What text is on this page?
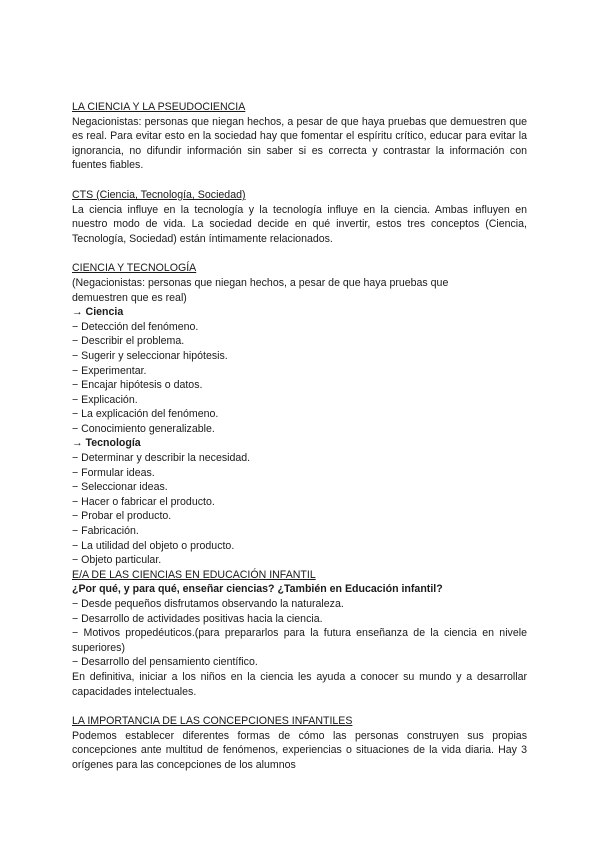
LA CIENCIA Y LA PSEUDOCIENCIA

Negacionistas: personas que niegan hechos, a pesar de que haya pruebas que demuestren que es real. Para evitar esto en la sociedad hay que fomentar el espíritu crítico, educar para evitar la ignorancia, no difundir información sin saber si es correcta y contrastar la información con fuentes fiables.

CTS (Ciencia, Tecnología, Sociedad)

La ciencia influye en la tecnología y la tecnología influye en la ciencia. Ambas influyen en nuestro modo de vida. La sociedad decide en qué invertir, estos tres conceptos (Ciencia, Tecnología, Sociedad) están íntimamente relacionados.

CIENCIA Y TECNOLOGÍA
(Negacionistas: personas que niegan hechos, a pesar de que haya pruebas que
demuestren que es real)
→ Ciencia
− Detección del fenómeno.
− Describir el problema.
− Sugerir y seleccionar hipótesis.
− Experimentar.
− Encajar hipótesis o datos.
− Explicación.
− La explicación del fenómeno.
− Conocimiento generalizable.
→ Tecnología
− Determinar y describir la necesidad.
− Formular ideas.
− Seleccionar ideas.
− Hacer o fabricar el producto.
− Probar el producto.
− Fabricación.
− La utilidad del objeto o producto.
− Objeto particular.
E/A DE LAS CIENCIAS EN EDUCACIÓN INFANTIL
¿Por qué, y para qué, enseñar ciencias? ¿También en Educación infantil?
− Desde pequeños disfrutamos observando la naturaleza.
− Desarrollo de actividades positivas hacia la ciencia.
− Motivos propedéuticos.(para prepararlos para la futura enseñanza de la ciencia en nivele superiores)
− Desarrollo del pensamiento científico.

En definitiva, iniciar a los niños en la ciencia les ayuda a conocer su mundo y a desarrollar capacidades intelectuales.

LA IMPORTANCIA DE LAS CONCEPCIONES INFANTILES

Podemos establecer diferentes formas de cómo las personas construyen sus propias concepciones ante multitud de fenómenos, experiencias o situaciones de la vida diaria. Hay 3 orígenes para las concepciones de los alumnos
